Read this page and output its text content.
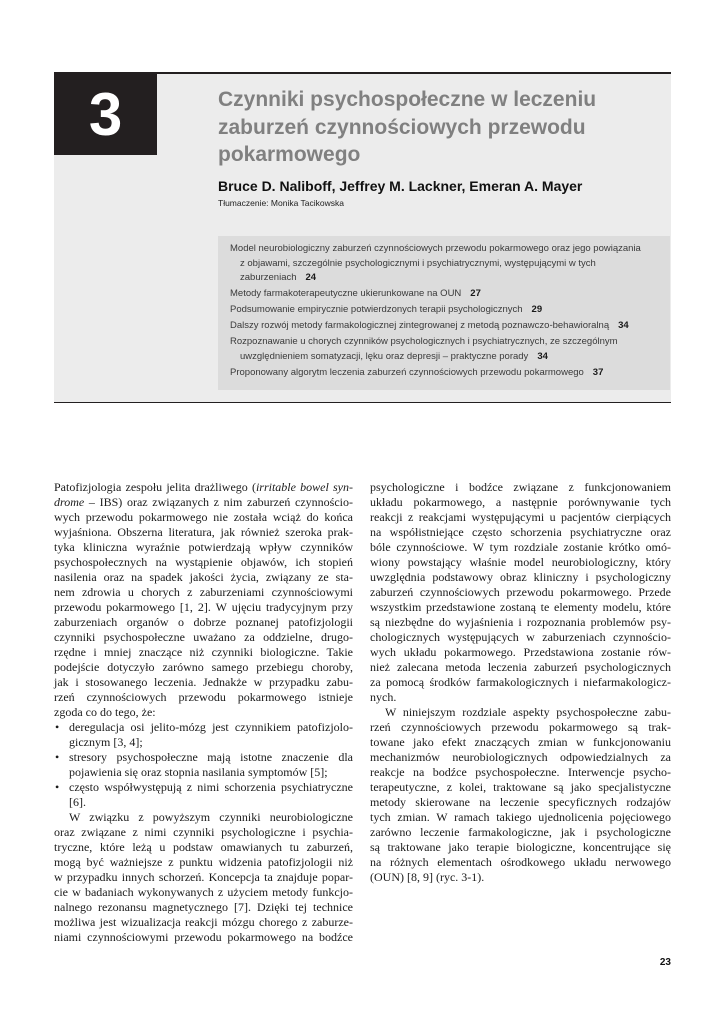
3	Czynniki psychospołeczne w leczeniu
zaburzeń czynnościowych przewodu
pokarmowego
Bruce D. Naliboff, Jeffrey M. Lackner, Emeran A. Mayer
Tłumaczenie: Monika Tacikowska
Model neurobiologiczny zaburzeń czynnościowych przewodu pokarmowego oraz jego powiązania
z objawami, szczególnie psychologicznymi i psychiatrycznymi, występującymi w tych
zaburzeniach 24
Metody farmakoterapeutyczne ukierunkowane na OUN 27
Podsumowanie empirycznie potwierdzonych terapii psychologicznych 29
Dalszy rozwój metody farmakologicznej zintegrowanej z metodą poznawczo-behawioralną 34
Rozpoznawanie u chorych czynników psychologicznych i psychiatrycznych, ze szczególnym
uwzględnieniem somatyzacji, lęku oraz depresji – praktyczne porady 34
Proponowany algorytm leczenia zaburzeń czynnościowych przewodu pokarmowego 37
Patofizjologia zespołu jelita drażliwego (irritable bowel syn-
drome – IBS) oraz związanych z nim zaburzeń czynnościo-
wych przewodu pokarmowego nie została wciąż do końca
wyjaśniona. Obszerna literatura, jak również szeroka prak-
tyka kliniczna wyraźnie potwierdzają wpływ czynników
psychospołecznych na wystąpienie objawów, ich stopień
nasilenia oraz na spadek jakości życia, związany ze sta-
nem zdrowia u chorych z zaburzeniami czynnościowymi
przewodu pokarmowego [1, 2]. W ujęciu tradycyjnym przy
zaburzeniach organów o dobrze poznanej patofizjologii
czynniki psychospołeczne uważano za oddzielne, drugo-
rzędne i mniej znaczące niż czynniki biologiczne. Takie
podejście dotyczyło zarówno samego przebiegu choroby,
jak i stosowanego leczenia. Jednakże w przypadku zabu-
rzeń czynnościowych przewodu pokarmowego istnieje
zgoda co do tego, że:
• deregulacja osi jelito-mózg jest czynnikiem patofizjolo-
gicznym [3, 4];
• stresory psychospołeczne mają istotne znaczenie dla
pojawienia się oraz stopnia nasilania symptomów [5];
• często współwystępują z nimi schorzenia psychiatryczne
[6].
W związku z powyższym czynniki neurobiologiczne
oraz związane z nimi czynniki psychologiczne i psychia-
tryczne, które leżą u podstaw omawianych tu zaburzeń,
mogą być ważniejsze z punktu widzenia patofizjologii niż
w przypadku innych schorzeń. Koncepcja ta znajduje popar-
cie w badaniach wykonywanych z użyciem metody funkcjo-
nalnego rezonansu magnetycznego [7]. Dzięki tej technice
możliwa jest wizualizacja reakcji mózgu chorego z zaburze-
niami czynnościowymi przewodu pokarmowego na bodźce
psychologiczne i bodźce związane z funkcjonowaniem
układu pokarmowego, a następnie porównywanie tych
reakcji z reakcjami występującymi u pacjentów cierpiących
na współistniejące często schorzenia psychiatryczne oraz
bóle czynnościowe. W tym rozdziale zostanie krótko omó-
wiony powstający właśnie model neurobiologiczny, który
uwzględnia podstawowy obraz kliniczny i psychologiczny
zaburzeń czynnościowych przewodu pokarmowego. Przede
wszystkim przedstawione zostaną te elementy modelu, które
są niezbędne do wyjaśnienia i rozpoznania problemów psy-
chologicznych występujących w zaburzeniach czynnościo-
wych układu pokarmowego. Przedstawiona zostanie rów-
nież zalecana metoda leczenia zaburzeń psychologicznych
za pomocą środków farmakologicznych i niefarmakologicz-
nych.
W niniejszym rozdziale aspekty psychospołeczne zabu-
rzeń czynnościowych przewodu pokarmowego są trak-
towane jako efekt znaczących zmian w funkcjonowaniu
mechanizmów neurobiologicznych odpowiedzialnych za
reakcje na bodźce psychospołeczne. Interwencje psycho-
terapeutyczne, z kolei, traktowane są jako specjalistyczne
metody skierowane na leczenie specyficznych rodzajów
tych zmian. W ramach takiego ujednolicenia pojęciowego
zarówno leczenie farmakologiczne, jak i psychologiczne
są traktowane jako terapie biologiczne, koncentrujące się
na różnych elementach ośrodkowego układu nerwowego
(OUN) [8, 9] (ryc. 3-1).
23
